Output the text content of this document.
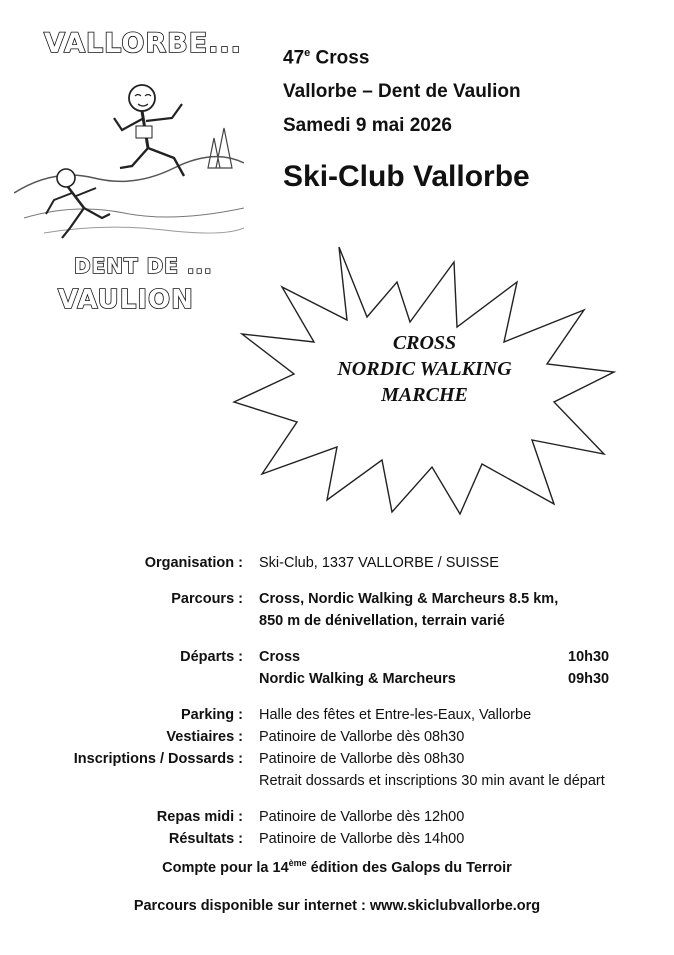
VALLORBE...
DENT DE ...
VAULION
47e Cross
Vallorbe – Dent de Vaulion
Samedi 9 mai 2026
Ski-Club Vallorbe
CROSS
NORDIC WALKING
MARCHE
Organisation : Ski-Club, 1337 VALLORBE / SUISSE
Parcours : Cross, Nordic Walking & Marcheurs 8.5 km,
850 m de dénivellation, terrain varié
Départs : Cross	10h30
Nordic Walking & Marcheurs	09h30
Parking : Halle des fêtes et Entre-les-Eaux, Vallorbe
Vestiaires : Patinoire de Vallorbe dès 08h30
Inscriptions / Dossards : Patinoire de Vallorbe dès 08h30
Retrait dossards et inscriptions 30 min avant le départ
Repas midi : Patinoire de Vallorbe dès 12h00
Résultats : Patinoire de Vallorbe dès 14h00
Compte pour la 14ème édition des Galops du Terroir
Parcours disponible sur internet : www.skiclubvallorbe.org
